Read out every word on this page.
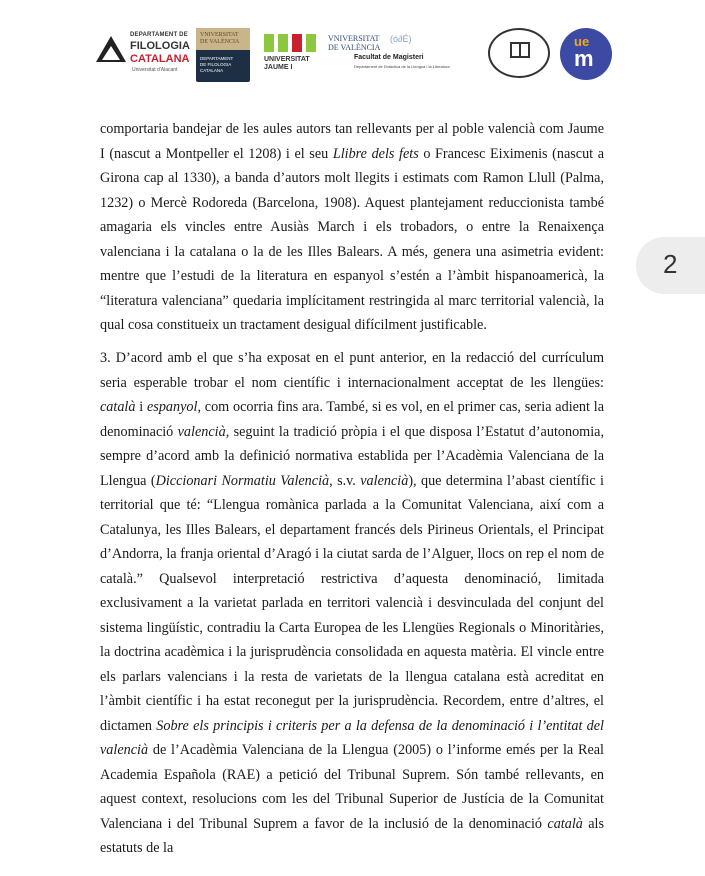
DEPARTAMENT DE
FILOLOGIA
CATALANA
Universitat d'Alacant
VNIVERSITAT
DE VALÈNCIA
DEPARTAMENT
DE FILOLOGIA
CATALANA
UNIVERSITAT
JAUME I
VNIVERSITAT
DE VALÈNCIA
(ò∂É)
Facultat de Magisteri
Departament de Didàctica de la Llengua i la Literatura
ue
m
2

comportaria bandejar de les aules autors tan rellevants per al poble valencià com Jaume I (nascut a Montpeller el 1208) i el seu Llibre dels fets o Francesc Eiximenis (nascut a Girona cap al 1330), a banda d’autors molt llegits i estimats com Ramon Llull (Palma, 1232) o Mercè Rodoreda (Barcelona, 1908). Aquest plantejament reduccionista també amagaria els vincles entre Ausiàs March i els trobadors, o entre la Renaixença valenciana i la catalana o la de les Illes Balears. A més, genera una asimetria evident: mentre que l’estudi de la literatura en espanyol s’estén a l’àmbit hispanoamericà, la “literatura valenciana” quedaria implícitament restringida al marc territorial valencià, la qual cosa constitueix un tractament desigual difícilment justificable.

3. D’acord amb el que s’ha exposat en el punt anterior, en la redacció del currículum seria esperable trobar el nom científic i internacionalment acceptat de les llengües: català i espanyol, com ocorria fins ara. També, si es vol, en el primer cas, seria adient la denominació valencià, seguint la tradició pròpia i el que disposa l’Estatut d’autonomia, sempre d’acord amb la definició normativa establida per l’Acadèmia Valenciana de la Llengua (Diccionari Normatiu Valencià, s.v. valencià), que determina l’abast científic i territorial que té: “Llengua romànica parlada a la Comunitat Valenciana, així com a Catalunya, les Illes Balears, el departament francés dels Pirineus Orientals, el Principat d’Andorra, la franja oriental d’Aragó i la ciutat sarda de l’Alguer, llocs on rep el nom de català.” Qualsevol interpretació restrictiva d’aquesta denominació, limitada exclusivament a la varietat parlada en territori valencià i desvinculada del conjunt del sistema lingüístic, contradiu la Carta Europea de les Llengües Regionals o Minoritàries, la doctrina acadèmica i la jurisprudència consolidada en aquesta matèria. El vincle entre els parlars valencians i la resta de varietats de la llengua catalana està acreditat en l’àmbit científic i ha estat reconegut per la jurisprudència. Recordem, entre d’altres, el dictamen Sobre els principis i criteris per a la defensa de la denominació i l’entitat del valencià de l’Acadèmia Valenciana de la Llengua (2005) o l’informe emés per la Real Academia Española (RAE) a petició del Tribunal Suprem. Són també rellevants, en aquest context, resolucions com les del Tribunal Superior de Justícia de la Comunitat Valenciana i del Tribunal Suprem a favor de la inclusió de la denominació català als estatuts de la
